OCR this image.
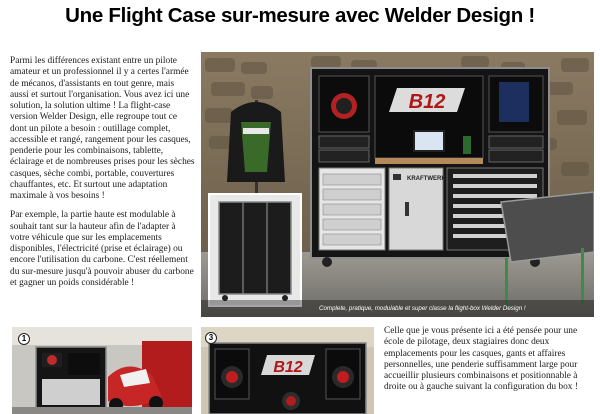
Une Flight Case sur-mesure avec Welder Design !

Parmi les différences existant entre un pilote amateur et un professionnel il y a certes l'armée de mécanos, d'assistants en tout genre, mais aussi et surtout l'organisation. Vous avez ici une solution, la solution ultime ! La flight-case version Welder Design, elle regroupe tout ce dont un pilote a besoin : outillage complet, accessible et rangé, rangement pour les casques, penderie pour les combinaisons, tablette, éclairage et de nombreuses prises pour les sèches casques, sèche combi, portable, couvertures chauffantes, etc. Et surtout une adaptation maximale à vos besoins !

Par exemple, la partie haute est modulable à souhait tant sur la hauteur afin de l'adapter à votre véhicule que sur les emplacements disponibles, l'électricité (prise et éclairage) ou encore l'utilisation du carbone. C'est réellement du sur-mesure jusqu'à pouvoir abuser du carbone et gagner un poids considérable !

B12
KRAFTWERK
Complete, pratique, modulable et super classe la flight-box Welder Design !
1
B12
3

Celle que je vous présente ici a été pensée pour une école de pilotage, deux stagiaires donc deux emplacements pour les casques, gants et affaires personnelles, une penderie suffisamment large pour accueillir plusieurs combinaisons et positionnable à droite ou à gauche suivant la configuration du box !
